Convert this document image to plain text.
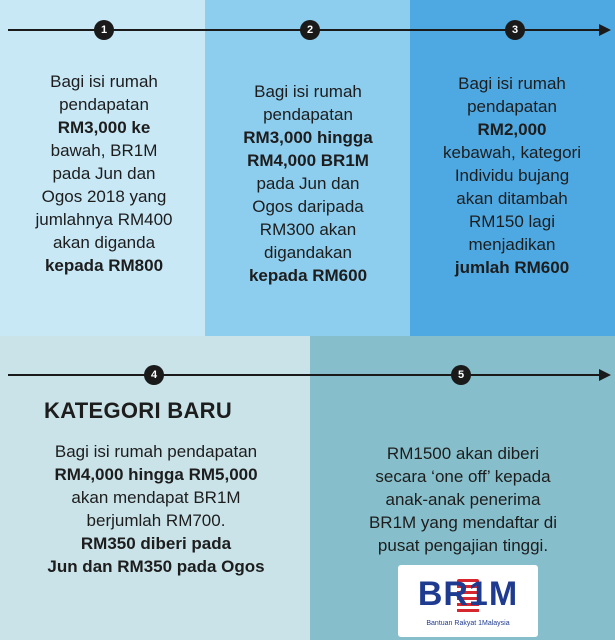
1	2	3
4	5
Bagi isi rumah
pendapatan
RM3,000 ke
bawah, BR1M
pada Jun dan
Ogos 2018 yang
jumlahnya RM400
akan diganda
kepada RM800
Bagi isi rumah
pendapatan
RM3,000 hingga
RM4,000 BR1M
pada Jun dan
Ogos daripada
RM300 akan
digandakan
kepada RM600
Bagi isi rumah
pendapatan
RM2,000
kebawah, kategori
Individu bujang
akan ditambah
RM150 lagi
menjadikan
jumlah RM600
KATEGORI BARU
Bagi isi rumah pendapatan
RM4,000 hingga RM5,000
akan mendapat BR1M
berjumlah RM700.
RM350 diberi pada
Jun dan RM350 pada Ogos
RM1500 akan diberi
secara ‘one off’ kepada
anak-anak penerima
BR1M yang mendaftar di
pusat pengajian tinggi.
BR1M
Bantuan Rakyat 1Malaysia
